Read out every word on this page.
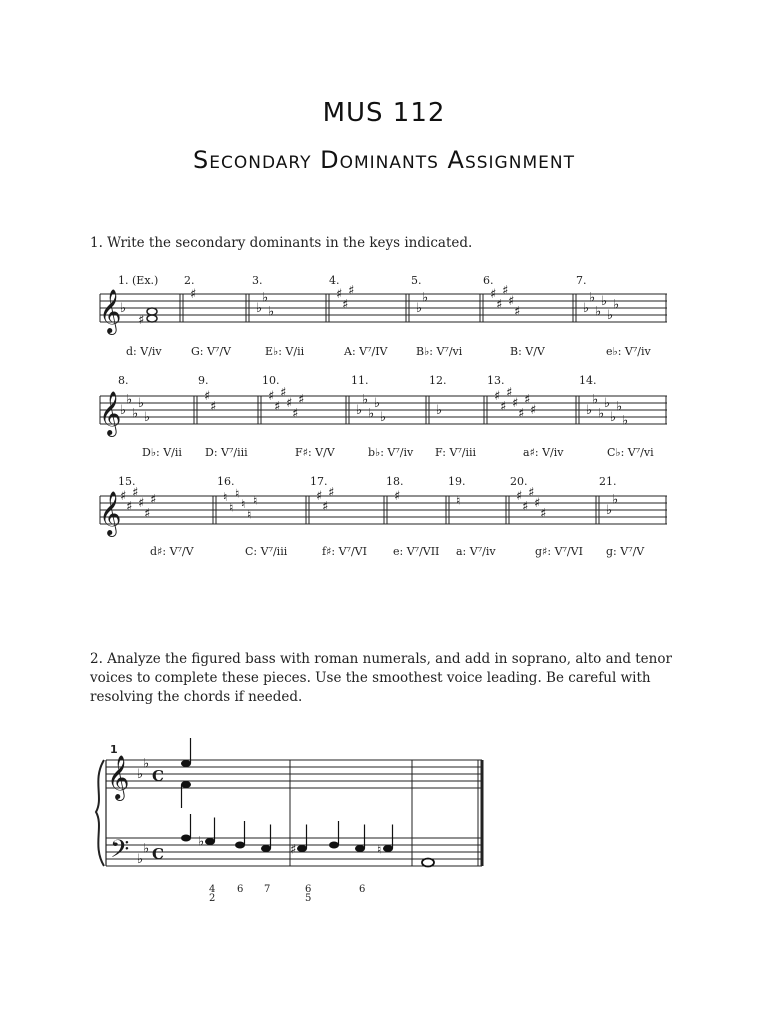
MUS 112
Secondary Dominants Assignment
1. Write the secondary dominants in the keys indicated.
1. (Ex.) 2.	3.	4.	5.	6.	7.
d: V/iv	G: V⁷/V	E♭: V/ii	A: V⁷/IV	B♭: V⁷/vi	B: V/V	e♭: V⁷/iv
8.	9.	10.	11.	12.	13.	14.
D♭: V/ii D: V⁷/iii	F♯: V/V	b♭: V⁷/iv F: V⁷/iii	a♯: V/iv	C♭: V⁷/vi
15.	16.	17.	18.	19.	20.	21.
d♯: V⁷/V	C: V⁷/iii	f♯: V⁷/VI e: V⁷/VII a: V⁷/iv	g♯: V⁷/VI g: V⁷/V
2. Analyze the figured bass with roman numerals, and add in soprano, alto and tenor voices to complete these pieces. Use the smoothest voice leading. Be careful with resolving the chords if needed.
1
4
2
6 7	6
5
6
𝄞
♭
♯
♯
♭
♭
♭
♯
♯
♯
♭
♭	♯
♯
♯
♯
♯	♭
♭
♭
♭
♭
♭
𝄞
♭
♭
♭
♭
♭
♯
♯
♯
♯
♯
♯
♯
♯
♭
♭
♭
♭
♭	♭
♯
♯
♯
♯
♯
♯
♯	♭
♭
♭
♭
♭
♭
♭
𝄞
♯
♯
♯
♯
♯
♯	♮
♮
♮
♮
♮
♮	♯
♯
♯	♯	♮	♯
♯
♯
♯
♯	♭
♭
𝄞
𝄢
♭
♭
♭
♭
C
C
♭
♯	♮
